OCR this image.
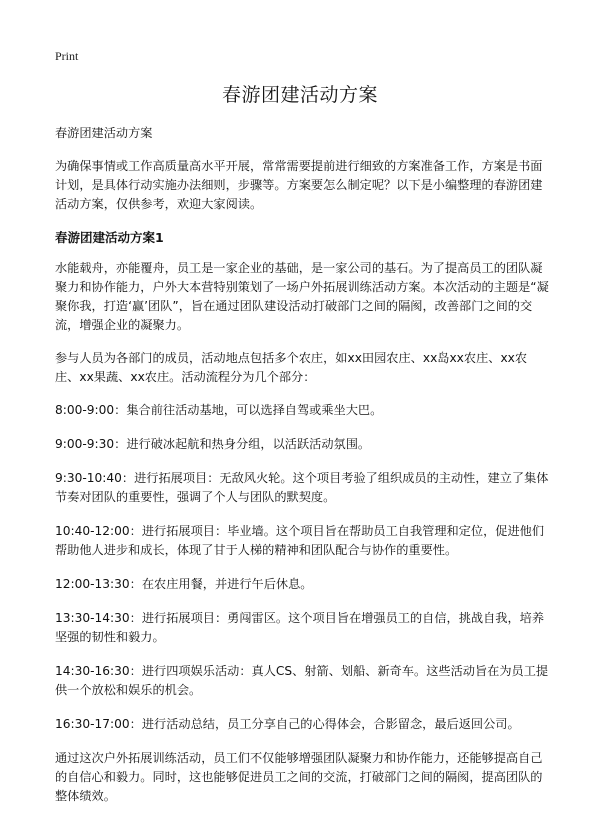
Print
春游团建活动方案

春游团建活动方案

为确保事情或工作高质量高水平开展，常常需要提前进行细致的方案准备工作，方案是书面计划，是具体行动实施办法细则，步骤等。方案要怎么制定呢？以下是小编整理的春游团建活动方案，仅供参考，欢迎大家阅读。

春游团建活动方案1

水能载舟，亦能覆舟，员工是一家企业的基础，是一家公司的基石。为了提高员工的团队凝聚力和协作能力，户外大本营特别策划了一场户外拓展训练活动方案。本次活动的主题是“凝聚你我，打造‘赢’团队”，旨在通过团队建设活动打破部门之间的隔阂，改善部门之间的交流，增强企业的凝聚力。

参与人员为各部门的成员，活动地点包括多个农庄，如xx田园农庄、xx岛xx农庄、xx农庄、xx果蔬、xx农庄。活动流程分为几个部分：

8:00-9:00：集合前往活动基地，可以选择自驾或乘坐大巴。

9:00-9:30：进行破冰起航和热身分组，以活跃活动氛围。

9:30-10:40：进行拓展项目：无敌风火轮。这个项目考验了组织成员的主动性，建立了集体节奏对团队的重要性，强调了个人与团队的默契度。

10:40-12:00：进行拓展项目：毕业墙。这个项目旨在帮助员工自我管理和定位，促进他们帮助他人进步和成长，体现了甘于人梯的精神和团队配合与协作的重要性。

12:00-13:30：在农庄用餐，并进行午后休息。

13:30-14:30：进行拓展项目：勇闯雷区。这个项目旨在增强员工的自信，挑战自我，培养坚强的韧性和毅力。

14:30-16:30：进行四项娱乐活动：真人CS、射箭、划船、新奇车。这些活动旨在为员工提供一个放松和娱乐的机会。

16:30-17:00：进行活动总结，员工分享自己的心得体会，合影留念，最后返回公司。

通过这次户外拓展训练活动，员工们不仅能够增强团队凝聚力和协作能力，还能够提高自己的自信心和毅力。同时，这也能够促进员工之间的交流，打破部门之间的隔阂，提高团队的整体绩效。
